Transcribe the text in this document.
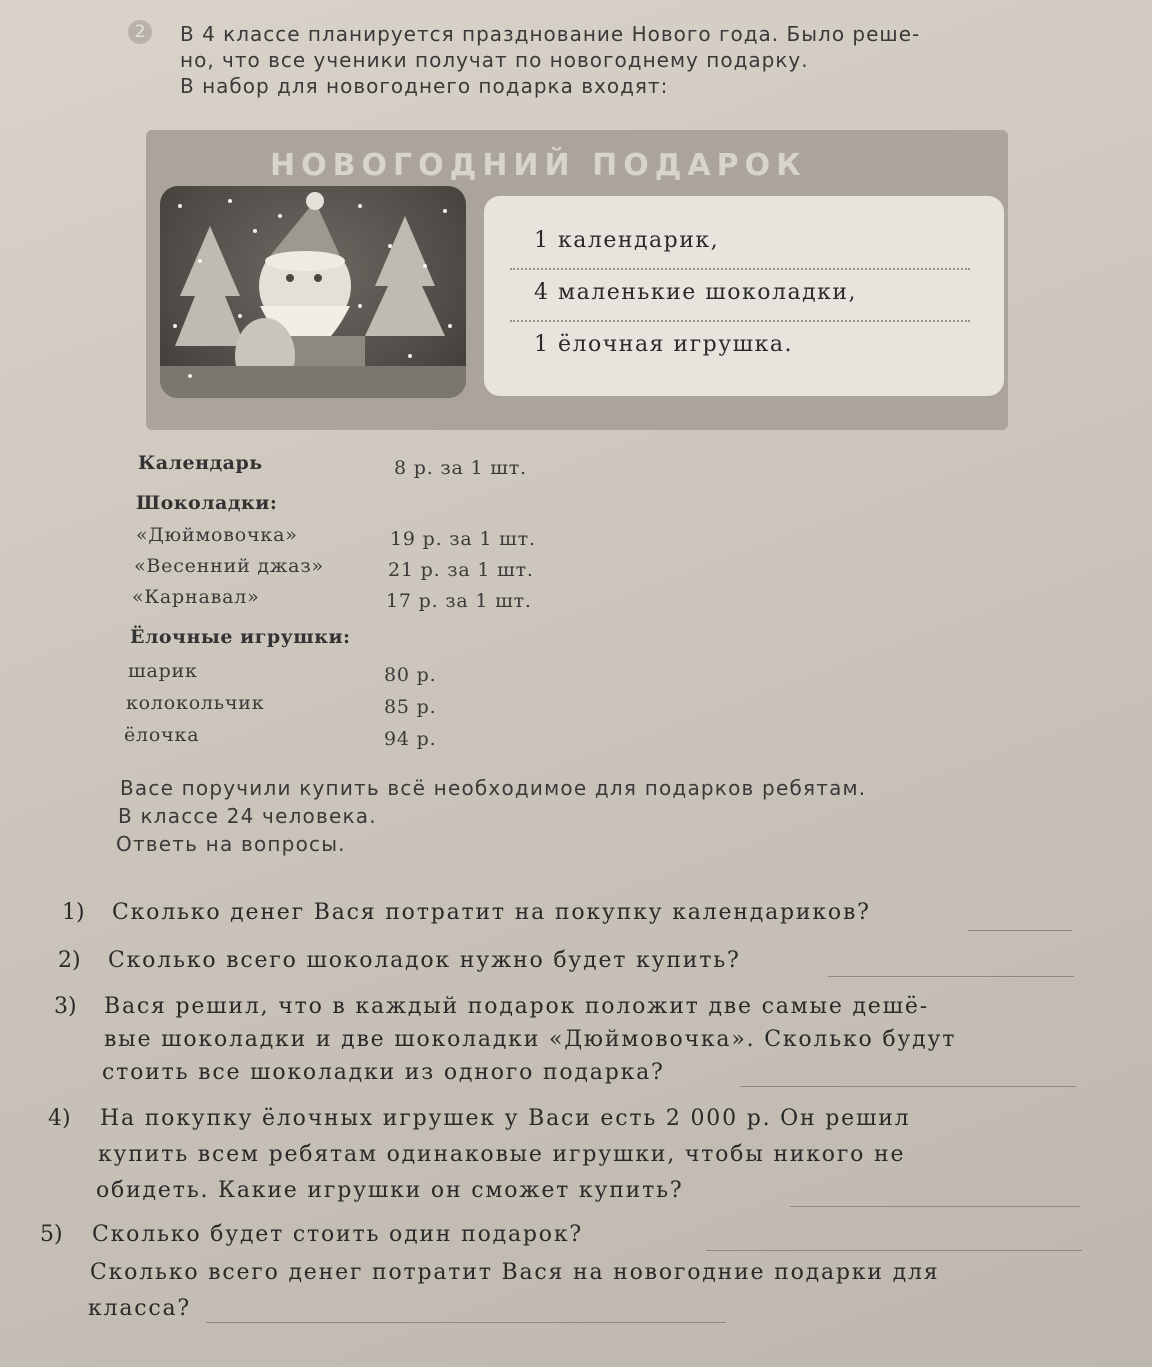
2	В 4 классе планируется празднование Нового года. Было реше-
но, что все ученики получат по новогоднему подарку.
В набор для новогоднего подарка входят:
НОВОГОДНИЙ ПОДАРОК
1 календарик,
4 маленькие шоколадки,
1 ёлочная игрушка.
Календарь	8 р. за 1 шт.
Шоколадки:
«Дюймовочка»	19 р. за 1 шт.
«Весенний джаз»	21 р. за 1 шт.
«Карнавал»	17 р. за 1 шт.
Ёлочные игрушки:
шарик	80 р.
колокольчик	85 р.
ёлочка	94 р.
Васе поручили купить всё необходимое для подарков ребятам.
В классе 24 человека.
Ответь на вопросы.
1) Сколько денег Вася потратит на покупку календариков?
2) Сколько всего шоколадок нужно будет купить?
3) Вася решил, что в каждый подарок положит две самые дешё-
вые шоколадки и две шоколадки «Дюймовочка». Сколько будут
стоить все шоколадки из одного подарка?
4) На покупку ёлочных игрушек у Васи есть 2 000 р. Он решил
купить всем ребятам одинаковые игрушки, чтобы никого не
обидеть. Какие игрушки он сможет купить?
5) Сколько будет стоить один подарок?
Сколько всего денег потратит Вася на новогодние подарки для
класса?
